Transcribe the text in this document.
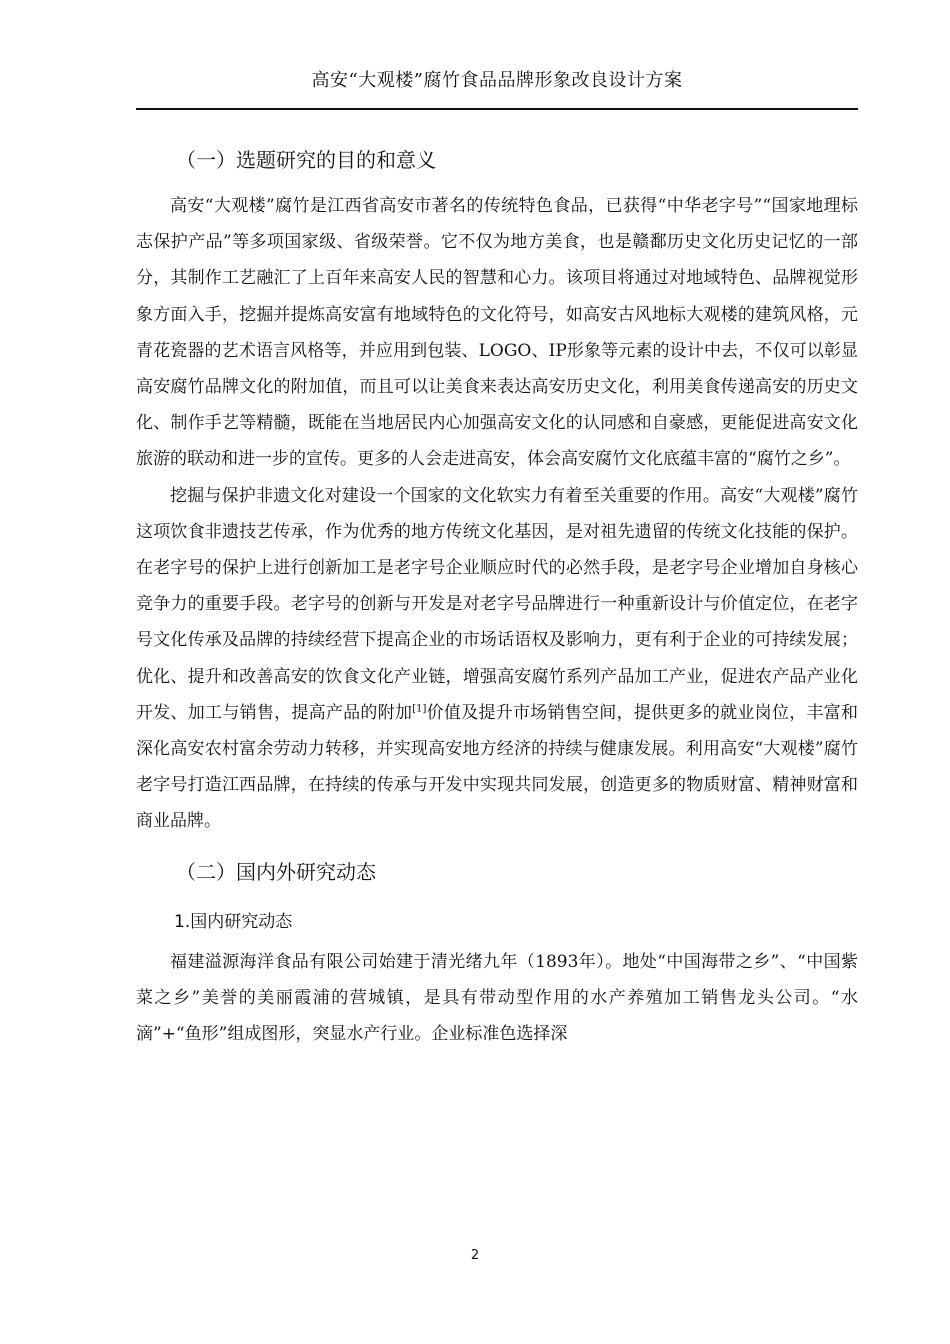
高安“大观楼”腐竹食品品牌形象改良设计方案
（一）选题研究的目的和意义

高安“大观楼”腐竹是江西省高安市著名的传统特色食品，已获得“中华老字号”“国家地理标志保护产品”等多项国家级、省级荣誉。它不仅为地方美食，也是赣鄱历史文化历史记忆的一部分，其制作工艺融汇了上百年来高安人民的智慧和心力。该项目将通过对地域特色、品牌视觉形象方面入手，挖掘并提炼高安富有地域特色的文化符号，如高安古风地标大观楼的建筑风格，元青花瓷器的艺术语言风格等，并应用到包装、LOGO、IP形象等元素的设计中去，不仅可以彰显高安腐竹品牌文化的附加值，而且可以让美食来表达高安历史文化，利用美食传递高安的历史文化、制作手艺等精髓，既能在当地居民内心加强高安文化的认同感和自豪感，更能促进高安文化旅游的联动和进一步的宣传。更多的人会走进高安，体会高安腐竹文化底蕴丰富的“腐竹之乡”。

挖掘与保护非遗文化对建设一个国家的文化软实力有着至关重要的作用。高安“大观楼”腐竹这项饮食非遗技艺传承，作为优秀的地方传统文化基因，是对祖先遗留的传统文化技能的保护。在老字号的保护上进行创新加工是老字号企业顺应时代的必然手段，是老字号企业增加自身核心竞争力的重要手段。老字号的创新与开发是对老字号品牌进行一种重新设计与价值定位，在老字号文化传承及品牌的持续经营下提高企业的市场话语权及影响力，更有利于企业的可持续发展；优化、提升和改善高安的饮食文化产业链，增强高安腐竹系列产品加工产业，促进农产品产业化开发、加工与销售，提高产品的附加[1]价值及提升市场销售空间，提供更多的就业岗位，丰富和深化高安农村富余劳动力转移，并实现高安地方经济的持续与健康发展。利用高安“大观楼”腐竹老字号打造江西品牌，在持续的传承与开发中实现共同发展，创造更多的物质财富、精神财富和商业品牌。

（二）国内外研究动态
1.国内研究动态

福建溢源海洋食品有限公司始建于清光绪九年（1893年）。地处“中国海带之乡”、“中国紫菜之乡”美誉的美丽霞浦的营城镇，是具有带动型作用的水产养殖加工销售龙头公司。“水滴”+“鱼形”组成图形，突显水产行业。企业标准色选择深

2
